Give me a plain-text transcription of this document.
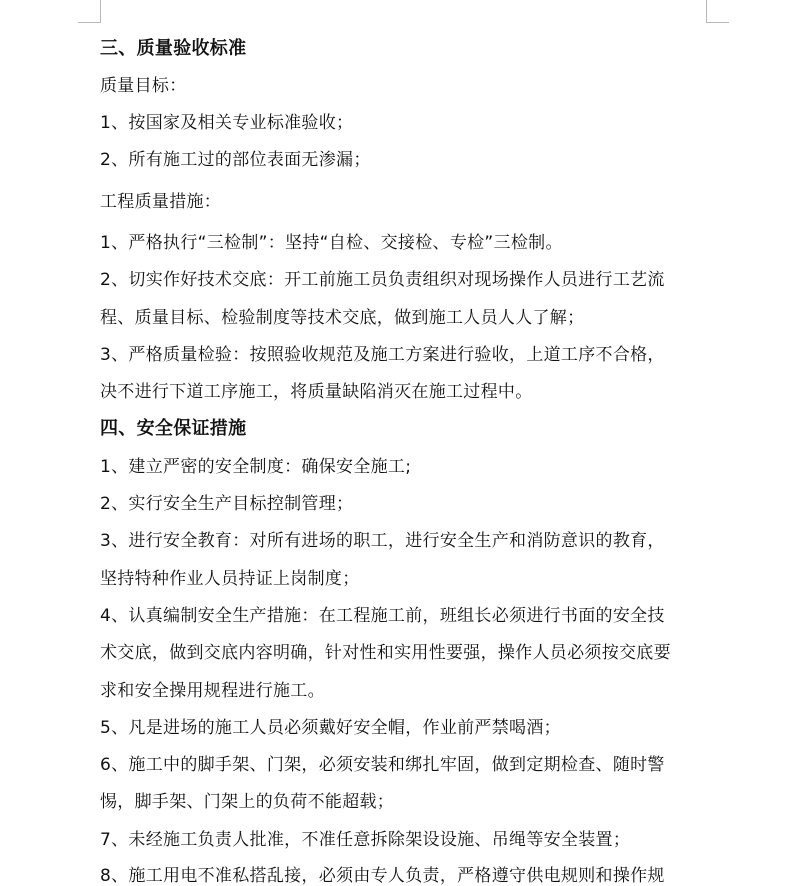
三、质量验收标准

质量目标：

1、按国家及相关专业标准验收；

2、所有施工过的部位表面无渗漏；

工程质量措施：

1、严格执行“三检制”：坚持“自检、交接检、专检”三检制。

2、切实作好技术交底：开工前施工员负责组织对现场操作人员进行工艺流

程、质量目标、检验制度等技术交底，做到施工人员人人了解；

3、严格质量检验：按照验收规范及施工方案进行验收，上道工序不合格，

决不进行下道工序施工，将质量缺陷消灭在施工过程中。

四、安全保证措施

1、建立严密的安全制度：确保安全施工;

2、实行安全生产目标控制管理；

3、进行安全教育：对所有进场的职工，进行安全生产和消防意识的教育，

坚持特种作业人员持证上岗制度；

4、认真编制安全生产措施：在工程施工前，班组长必须进行书面的安全技

术交底，做到交底内容明确，针对性和实用性要强，操作人员必须按交底要

求和安全操用规程进行施工。

5、凡是进场的施工人员必须戴好安全帽，作业前严禁喝酒；

6、施工中的脚手架、门架，必须安装和绑扎牢固，做到定期检查、随时警

惕，脚手架、门架上的负荷不能超载；

7、未经施工负责人批准，不准任意拆除架设设施、吊绳等安全装置；

8、施工用电不准私搭乱接，必须由专人负责，严格遵守供电规则和操作规
